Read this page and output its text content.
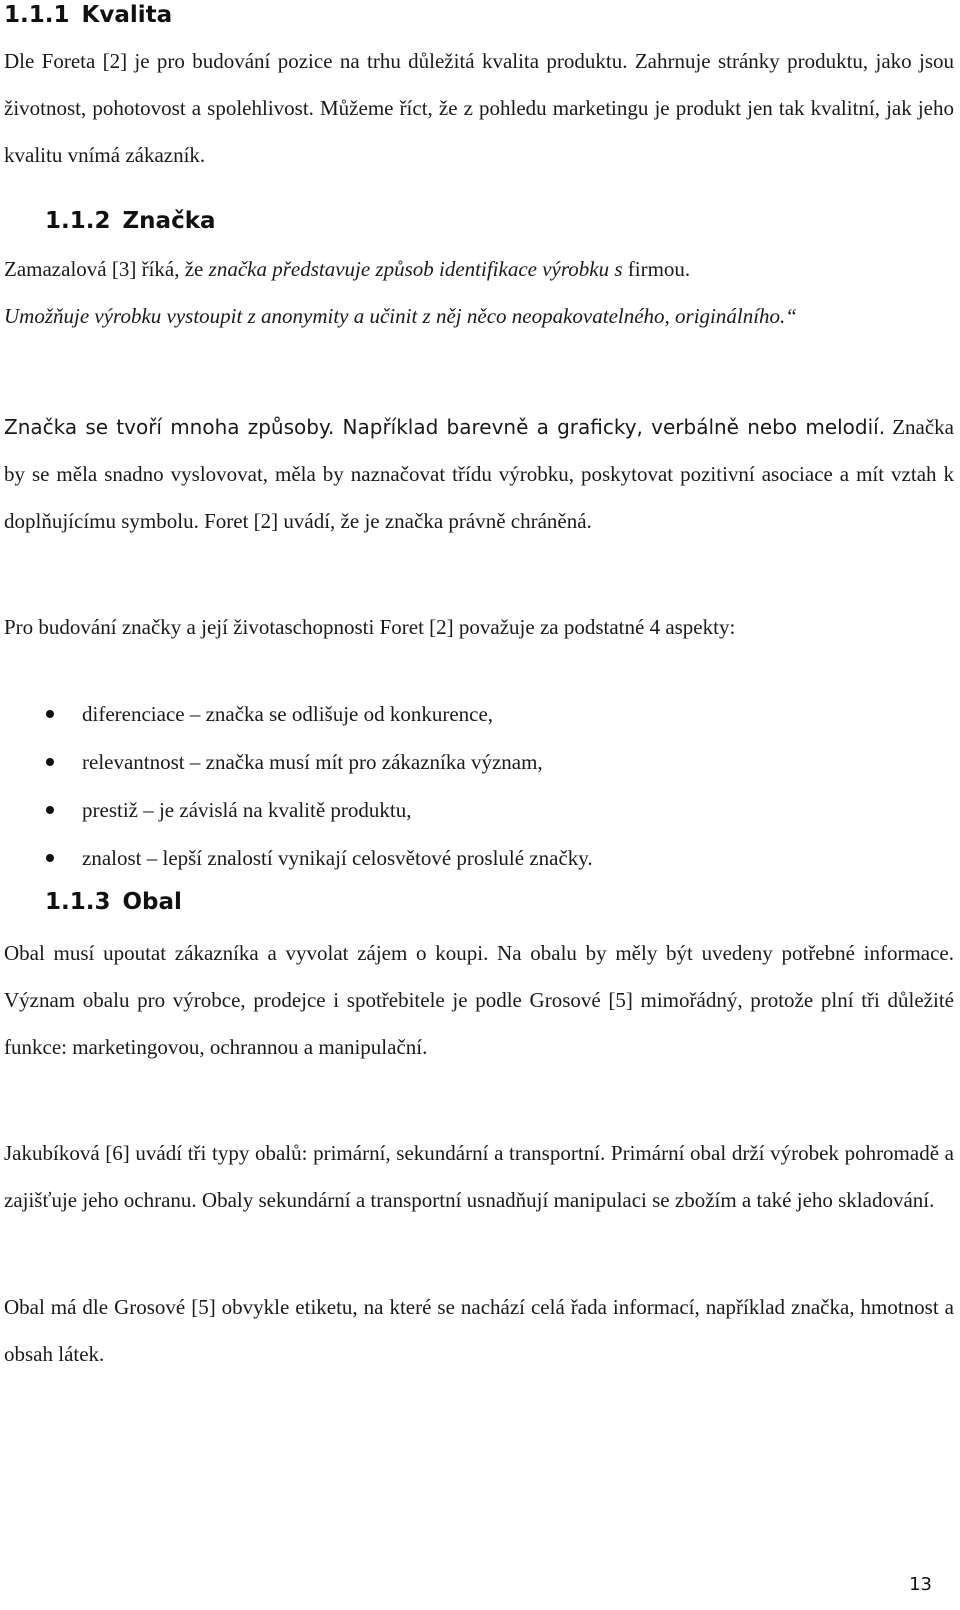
1.1.1 Kvalita

Dle Foreta [2] je pro budování pozice na trhu důležitá kvalita produktu. Zahrnuje stránky produktu, jako jsou životnost, pohotovost a spolehlivost. Můžeme říct, že z pohledu marketingu je produkt jen tak kvalitní, jak jeho kvalitu vnímá zákazník.

1.1.2 Značka

Zamazalová [3] říká, že značka představuje způsob identifikace výrobku s firmou.
Umožňuje výrobku vystoupit z anonymity a učinit z něj něco neopakovatelného, originálního.“

Značka se tvoří mnoha způsoby. Například barevně a graficky, verbálně nebo melodií. Značka by se měla snadno vyslovovat, měla by naznačovat třídu výrobku, poskytovat pozitivní asociace a mít vztah k doplňujícímu symbolu. Foret [2] uvádí, že je značka právně chráněná.

Pro budování značky a její životaschopnosti Foret [2] považuje za podstatné 4 aspekty:

diferenciace – značka se odlišuje od konkurence,
relevantnost – značka musí mít pro zákazníka význam,
prestiž – je závislá na kvalitě produktu,
znalost – lepší znalostí vynikají celosvětové proslulé značky.
1.1.3 Obal

Obal musí upoutat zákazníka a vyvolat zájem o koupi. Na obalu by měly být uvedeny potřebné informace. Význam obalu pro výrobce, prodejce i spotřebitele je podle Grosové [5] mimořádný, protože plní tři důležité funkce: marketingovou, ochrannou a manipulační.

Jakubíková [6] uvádí tři typy obalů: primární, sekundární a transportní. Primární obal drží výrobek pohromadě a zajišťuje jeho ochranu. Obaly sekundární a transportní usnadňují manipulaci se zbožím a také jeho skladování.

Obal má dle Grosové [5] obvykle etiketu, na které se nachází celá řada informací, například značka, hmotnost a obsah látek.

13
